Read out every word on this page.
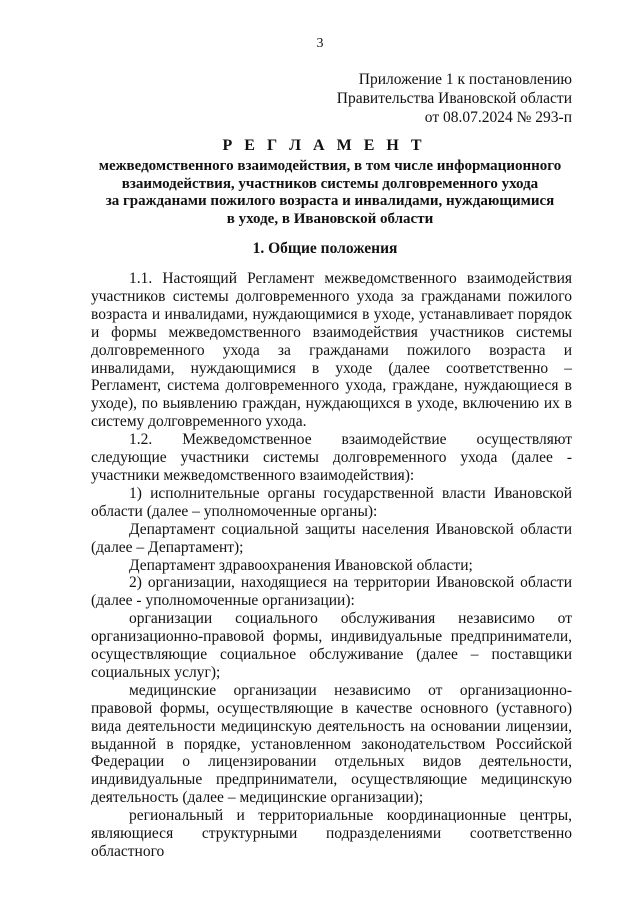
3
Приложение 1 к постановлению
Правительства Ивановской области
от 08.07.2024 № 293-п
Р Е Г Л А М Е Н Т
межведомственного взаимодействия, в том числе информационного
взаимодействия, участников системы долговременного ухода
за гражданами пожилого возраста и инвалидами, нуждающимися
в уходе, в Ивановской области
1. Общие положения

1.1. Настоящий Регламент межведомственного взаимодействия участников системы долговременного ухода за гражданами пожилого возраста и инвалидами, нуждающимися в уходе, устанавливает порядок и формы межведомственного взаимодействия участников системы долговременного ухода за гражданами пожилого возраста и инвалидами, нуждающимися в уходе (далее соответственно – Регламент, система долговременного ухода, граждане, нуждающиеся в уходе), по выявлению граждан, нуждающихся в уходе, включению их в систему долговременного ухода.

1.2. Межведомственное взаимодействие осуществляют следующие участники системы долговременного ухода (далее - участники межведомственного взаимодействия):

1) исполнительные органы государственной власти Ивановской области (далее – уполномоченные органы):

Департамент социальной защиты населения Ивановской области (далее – Департамент);

Департамент здравоохранения Ивановской области;

2) организации, находящиеся на территории Ивановской области (далее - уполномоченные организации):

организации социального обслуживания независимо от организационно-правовой формы, индивидуальные предприниматели, осуществляющие социальное обслуживание (далее – поставщики социальных услуг);

медицинские организации независимо от организационно-правовой формы, осуществляющие в качестве основного (уставного) вида деятельности медицинскую деятельность на основании лицензии, выданной в порядке, установленном законодательством Российской Федерации о лицензировании отдельных видов деятельности, индивидуальные предприниматели, осуществляющие медицинскую деятельность (далее – медицинские организации);

региональный и территориальные координационные центры, являющиеся структурными подразделениями соответственно областного
